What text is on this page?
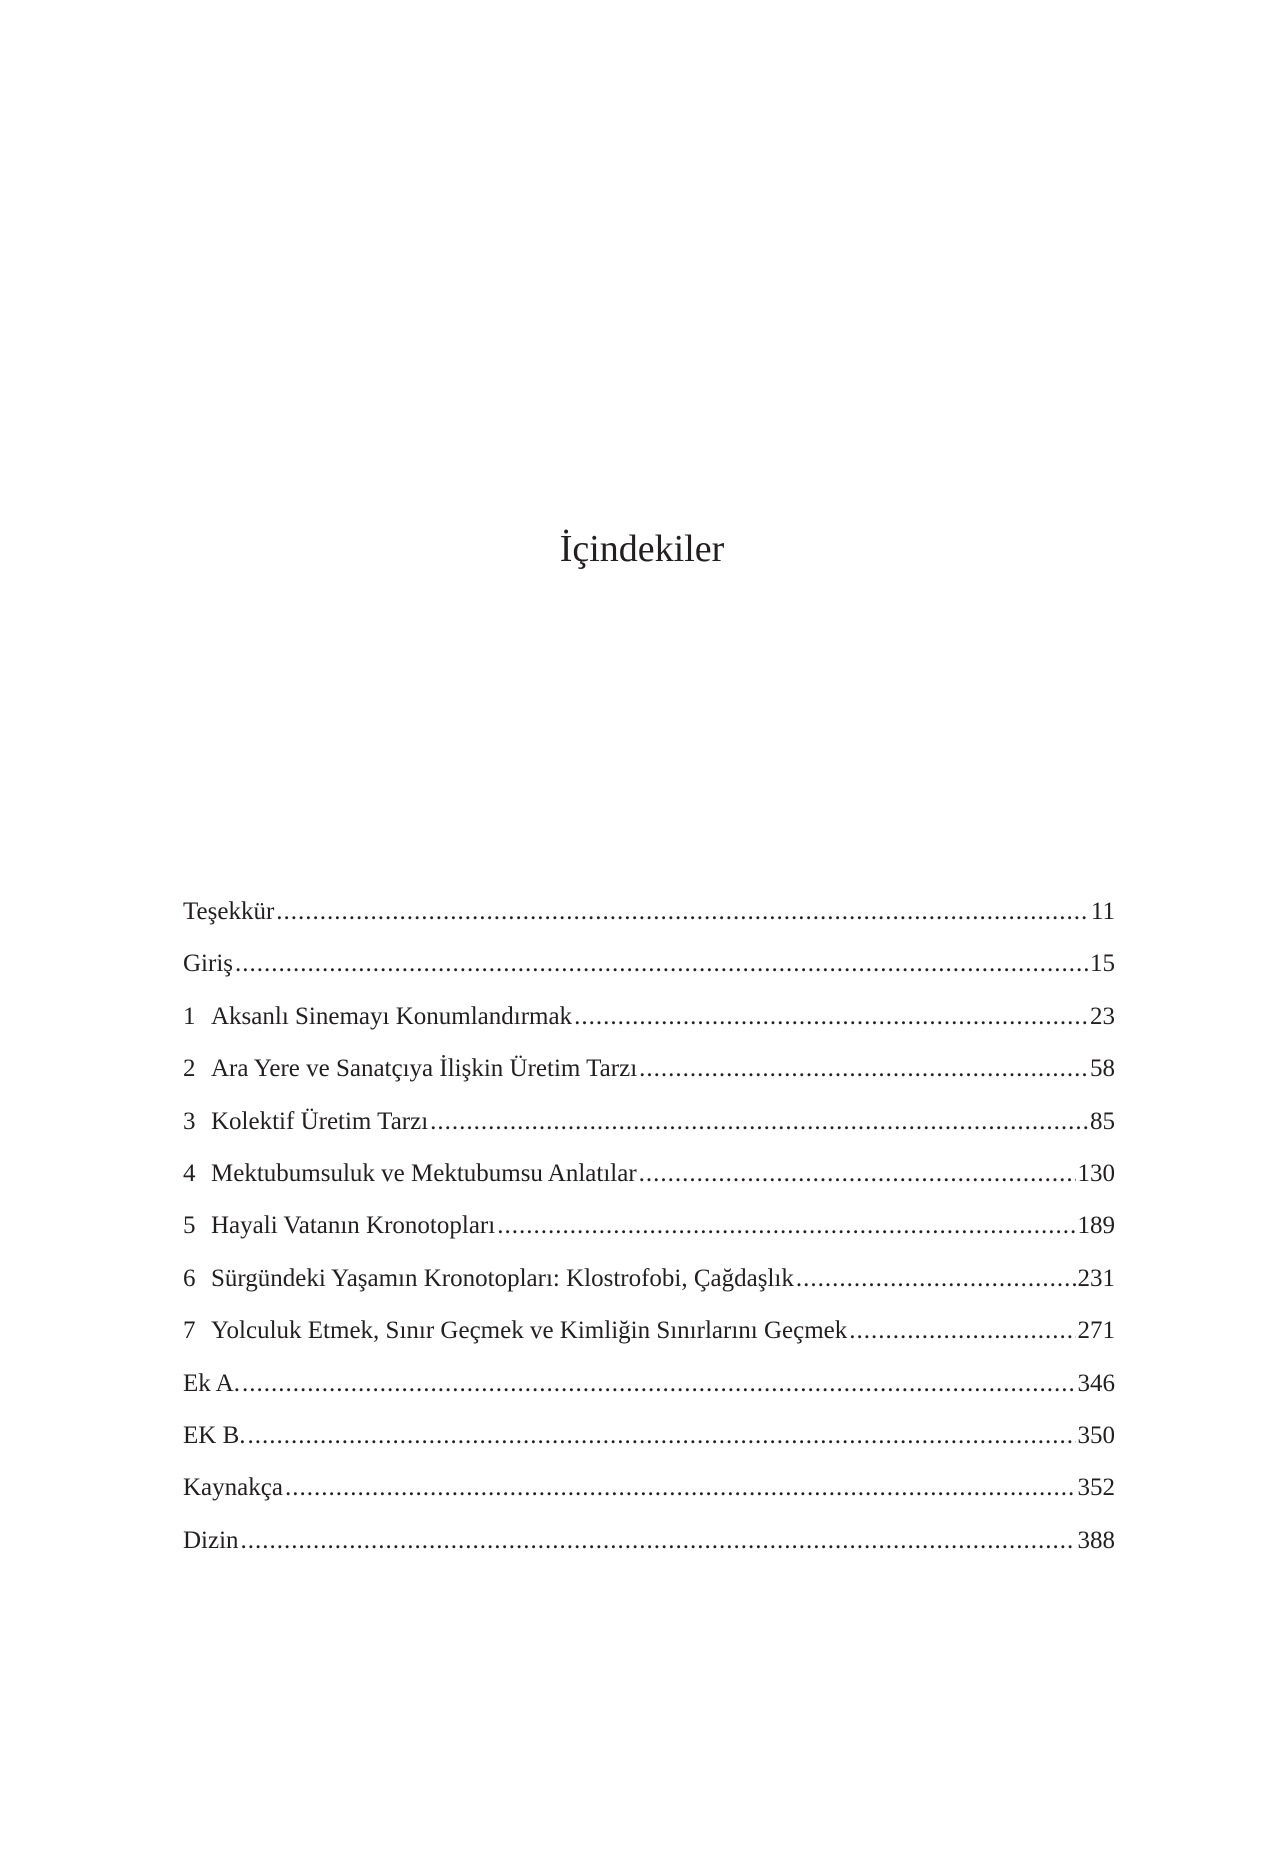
İçindekiler
Teşekkür .....	11
Giriş .....	15
1 Aksanlı Sinemayı Konumlandırmak .....	23
2 Ara Yere ve Sanatçıya İlişkin Üretim Tarzı .....	58
3 Kolektif Üretim Tarzı .....	85
4 Mektubumsuluk ve Mektubumsu Anlatılar .....	130
5 Hayali Vatanın Kronotopları .....	189
6 Sürgündeki Yaşamın Kronotopları: Klostrofobi, Çağdaşlık .....	231
7 Yolculuk Etmek, Sınır Geçmek ve Kimliğin Sınırlarını Geçmek .....	271
Ek A. .....	346
EK B. .....	350
Kaynakça .....	352
Dizin .....	388
